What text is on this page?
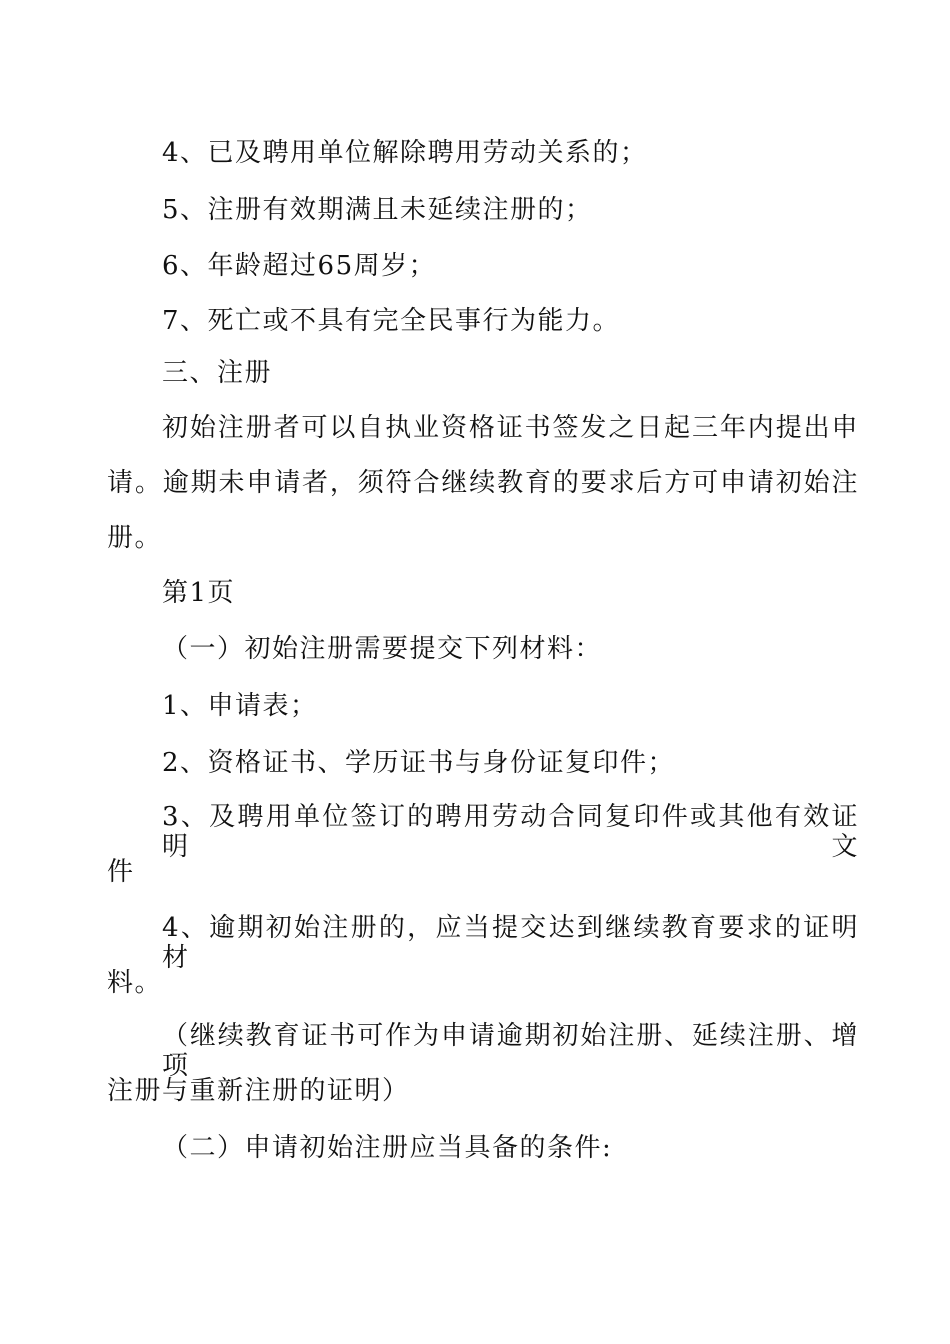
4、已及聘用单位解除聘用劳动关系的；
5、注册有效期满且未延续注册的；
6、年龄超过65周岁；
7、死亡或不具有完全民事行为能力。
三、注册
初始注册者可以自执业资格证书签发之日起三年内提出申
请。逾期未申请者，须符合继续教育的要求后方可申请初始注
册。
第1页
（一）初始注册需要提交下列材料：
1、申请表；
2、资格证书、学历证书与身份证复印件；
3、及聘用单位签订的聘用劳动合同复印件或其他有效证 明文
件
4、逾期初始注册的，应当提交达到继续教育要求的证明 材
料。
（继续教育证书可作为申请逾期初始注册、延续注册、增 项
注册与重新注册的证明）
（二）申请初始注册应当具备的条件:
